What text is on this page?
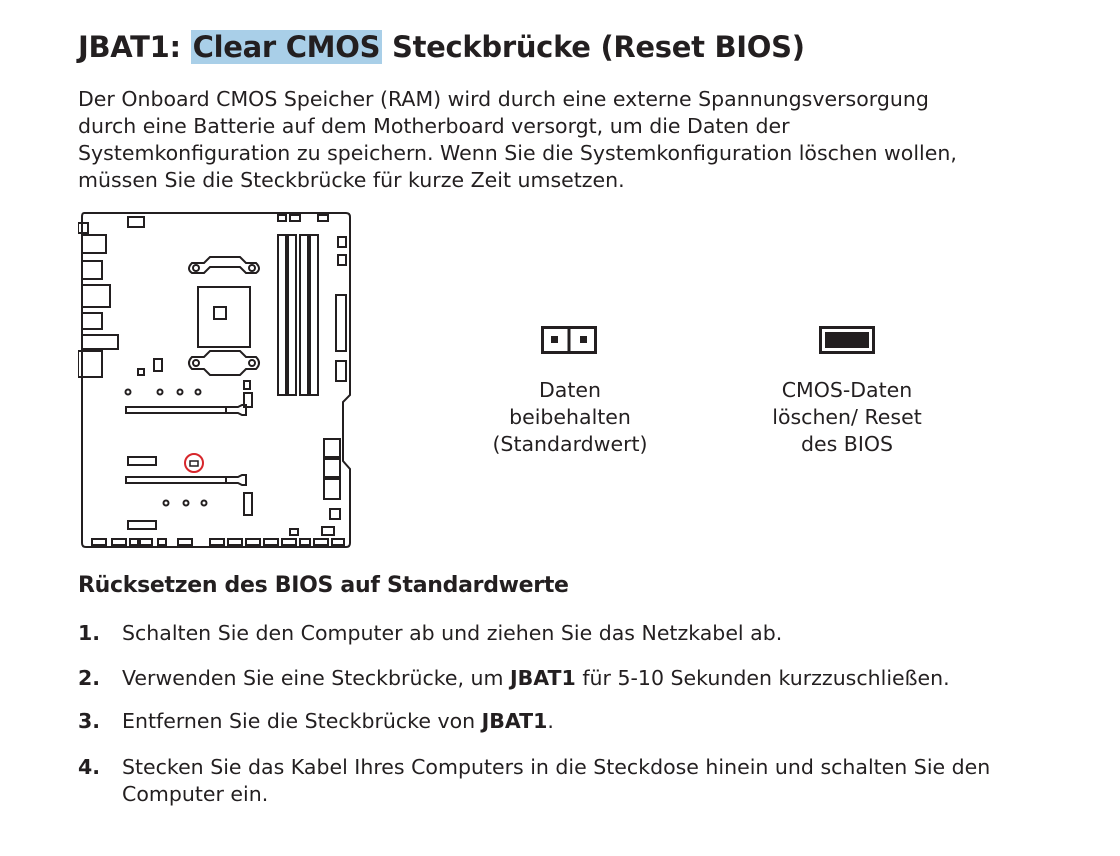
JBAT1: Clear CMOS Steckbrücke (Reset BIOS)

Der Onboard CMOS Speicher (RAM) wird durch eine externe Spannungsversorgung
durch eine Batterie auf dem Motherboard versorgt, um die Daten der
Systemkonfiguration zu speichern. Wenn Sie die Systemkonfiguration löschen wollen,
müssen Sie die Steckbrücke für kurze Zeit umsetzen.

Daten
beibehalten
(Standardwert)
CMOS-Daten
löschen/ Reset
des BIOS
Rücksetzen des BIOS auf Standardwerte
1. Schalten Sie den Computer ab und ziehen Sie das Netzkabel ab.
2. Verwenden Sie eine Steckbrücke, um JBAT1 für 5-10 Sekunden kurzzuschließen.
3. Entfernen Sie die Steckbrücke von JBAT1.
4. Stecken Sie das Kabel Ihres Computers in die Steckdose hinein und schalten Sie den Computer ein.
